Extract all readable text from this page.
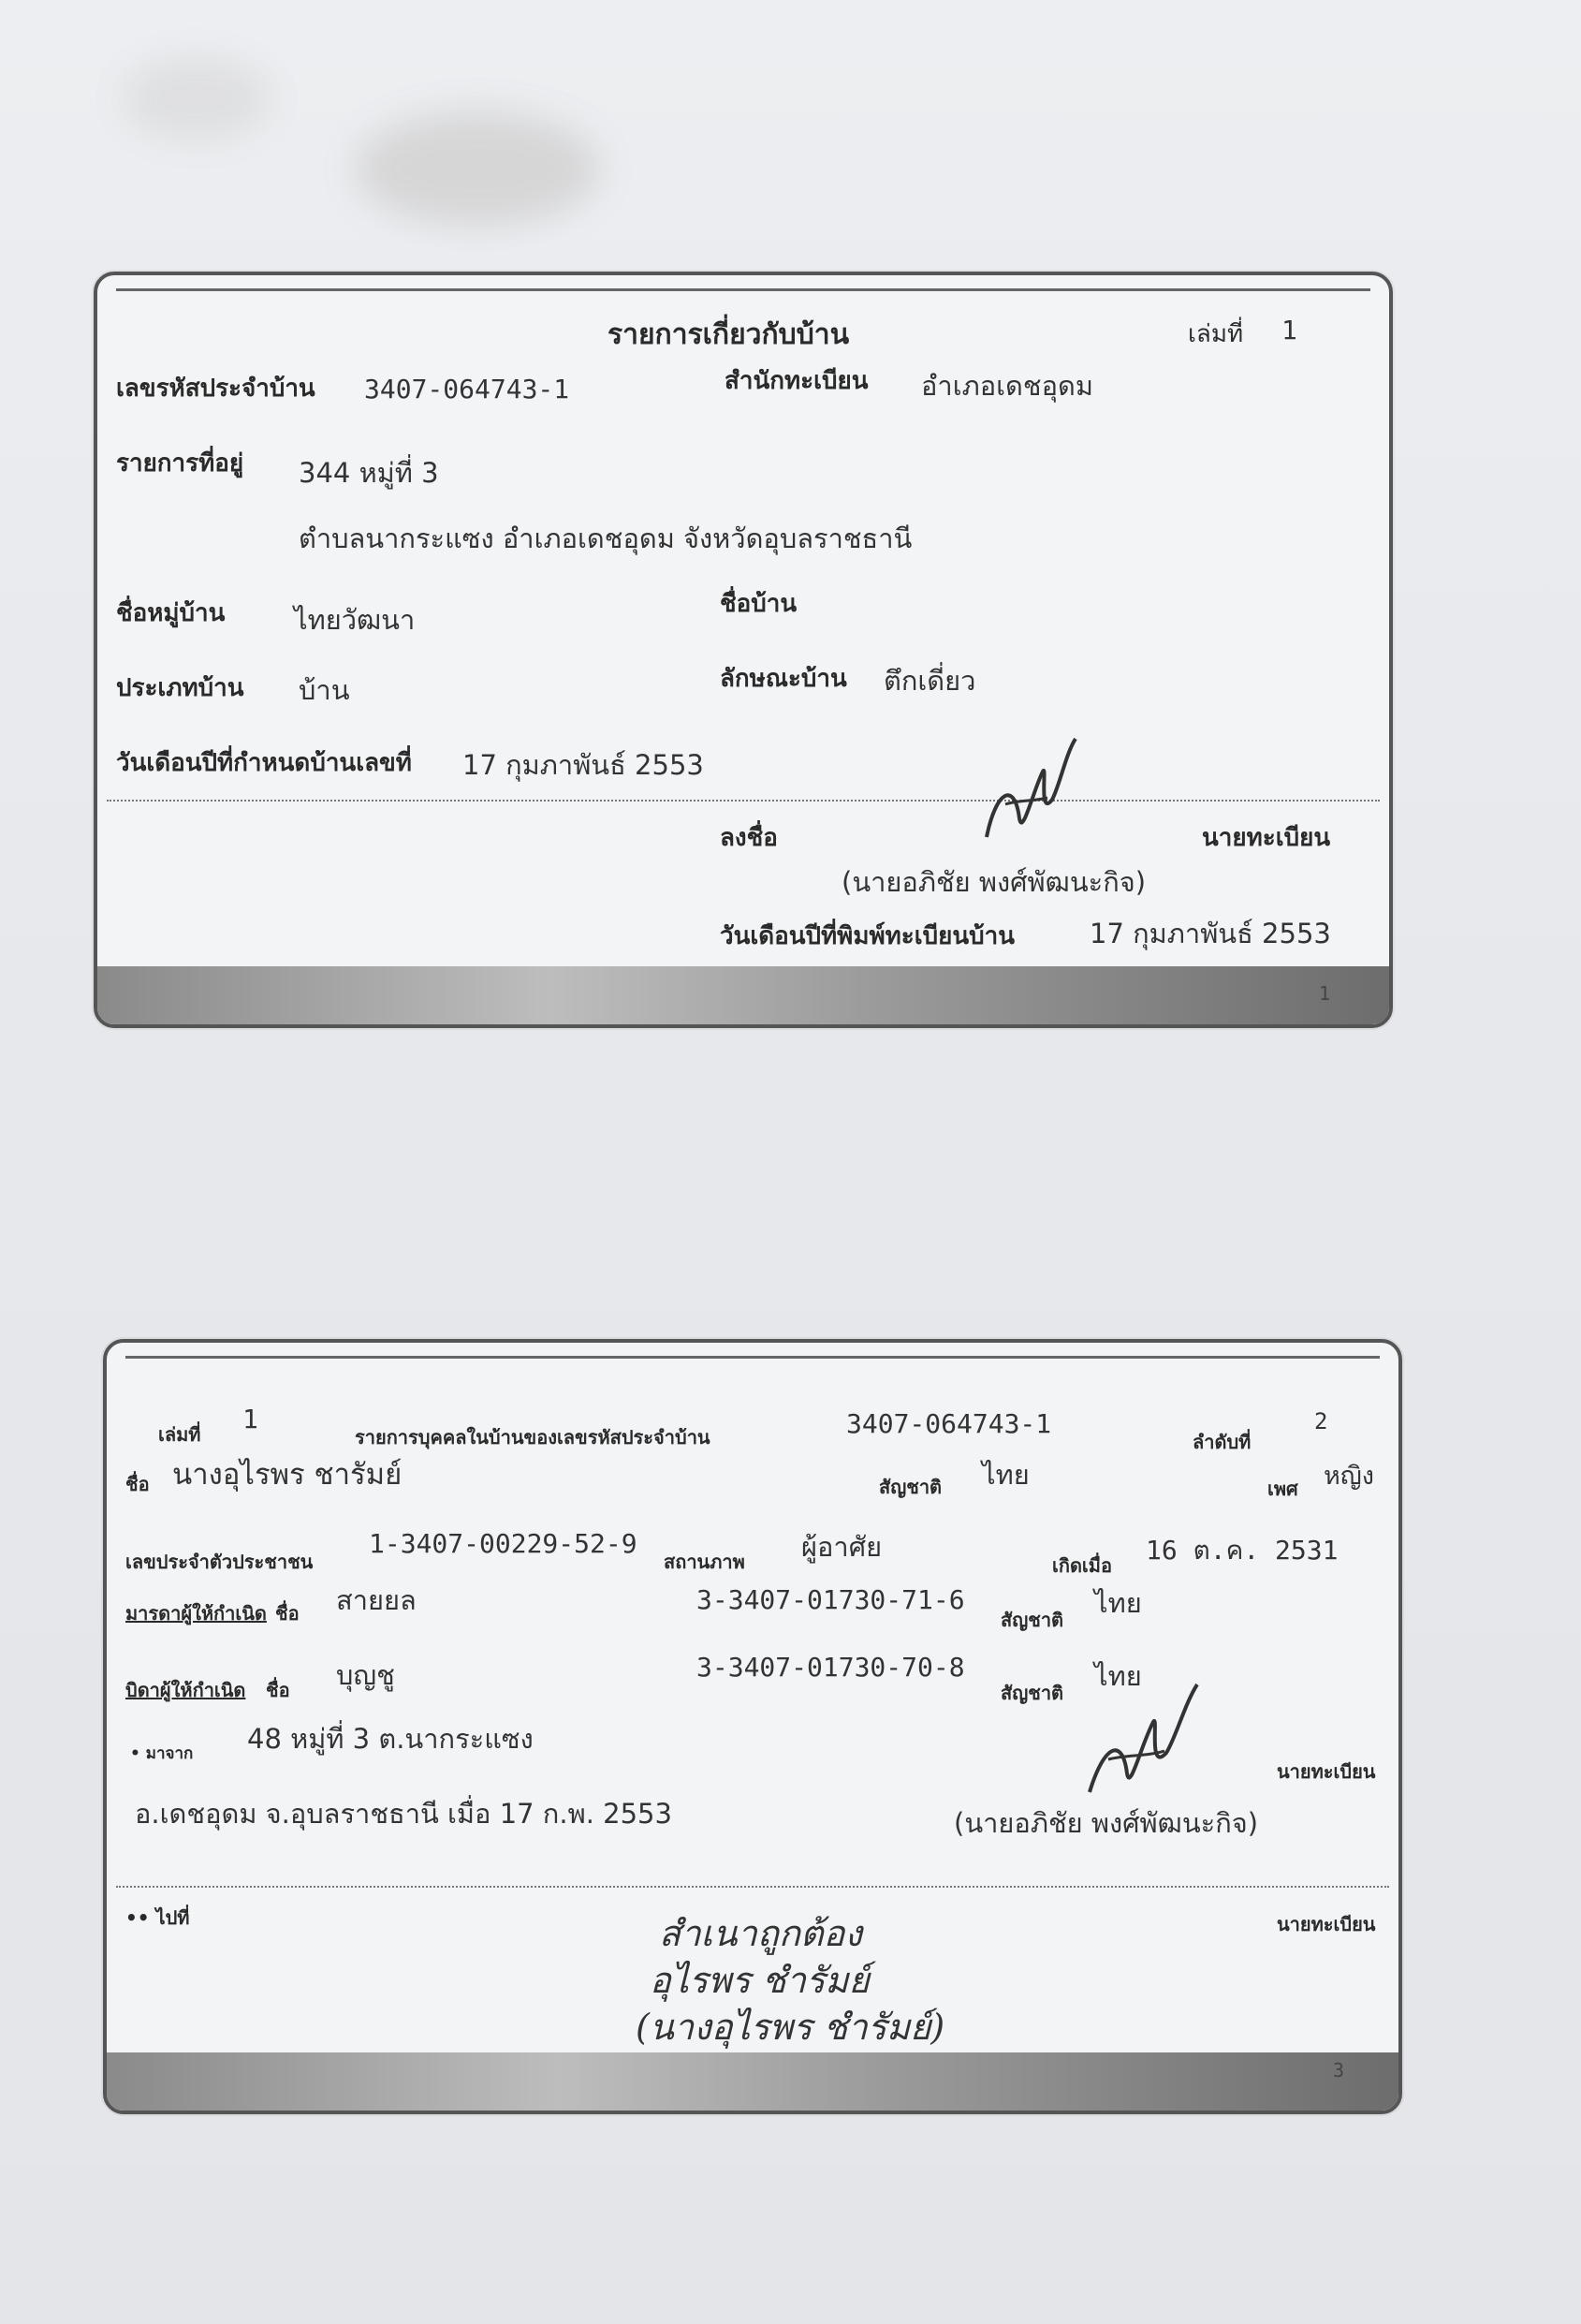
รายการเกี่ยวกับบ้าน	เล่มที่ 1
เลขรหัสประจำบ้าน 3407-064743-1	สำนักทะเบียน อำเภอเดชอุดม
รายการที่อยู่ 344 หมู่ที่ 3
ตำบลนากระแซง อำเภอเดชอุดม จังหวัดอุบลราชธานี
ชื่อหมู่บ้าน	ไทยวัฒนา	ชื่อบ้าน
ประเภทบ้าน บ้าน	ลักษณะบ้าน ตึกเดี่ยว
วันเดือนปีที่กำหนดบ้านเลขที่ 17 กุมภาพันธ์ 2553
ลงชื่อ	นายทะเบียน
(นายอภิชัย พงศ์พัฒนะกิจ)
วันเดือนปีที่พิมพ์ทะเบียนบ้าน	17 กุมภาพันธ์ 2553
1
เล่มที่ 1
รายการบุคคลในบ้านของเลขรหัสประจำบ้าน	3407-064743-1
ลำดับที่
2
ชื่อ นางอุไรพร ชารัมย์	สัญชาติ ไทย	เพศ หญิง
เลขประจำตัวประชาชน
1-3407-00229-52-9
สถานภาพ ผู้อาศัย
เกิดเมื่อ 16 ต.ค. 2531
มารดาผู้ให้กำเนิด ชื่อ สายยล	3-3407-01730-71-6
สัญชาติ
ไทย
บิดาผู้ให้กำเนิด ชื่อ บุญชู	3-3407-01730-70-8
สัญชาติ
ไทย
• มาจาก 48 หมู่ที่ 3 ต.นากระแซง
อ.เดชอุดม จ.อุบลราชธานี เมื่อ 17 ก.พ. 2553
นายทะเบียน
(นายอภิชัย พงศ์พัฒนะกิจ)
•• ไปที่	นายทะเบียน
สำเนาถูกต้อง
อุไรพร ชำรัมย์
(นางอุไรพร ชำรัมย์)
3
